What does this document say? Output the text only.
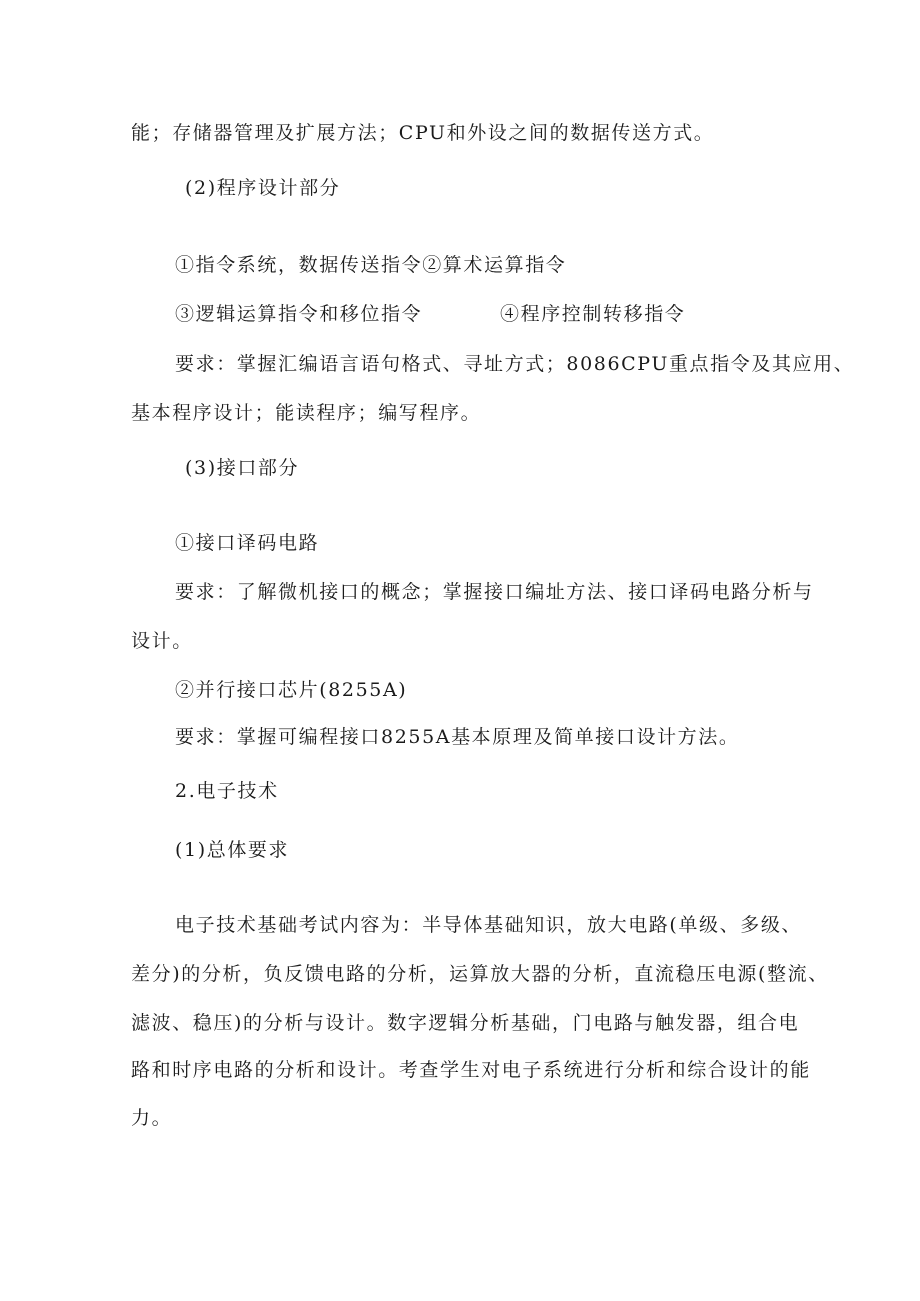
能；存储器管理及扩展方法；CPU和外设之间的数据传送方式。
(2)程序设计部分
①指令系统，数据传送指令②算术运算指令
③逻辑运算指令和移位指令	④程序控制转移指令
要求：掌握汇编语言语句格式、寻址方式；8086CPU重点指令及其应用、
基本程序设计；能读程序；编写程序。
(3)接口部分
①接口译码电路
要求：了解微机接口的概念；掌握接口编址方法、接口译码电路分析与
设计。
②并行接口芯片(8255A)
要求：掌握可编程接口8255A基本原理及简单接口设计方法。
2.电子技术
(1)总体要求
电子技术基础考试内容为：半导体基础知识，放大电路(单级、多级、
差分)的分析，负反馈电路的分析，运算放大器的分析，直流稳压电源(整流、
滤波、稳压)的分析与设计。数字逻辑分析基础，门电路与触发器，组合电
路和时序电路的分析和设计。考查学生对电子系统进行分析和综合设计的能
力。
